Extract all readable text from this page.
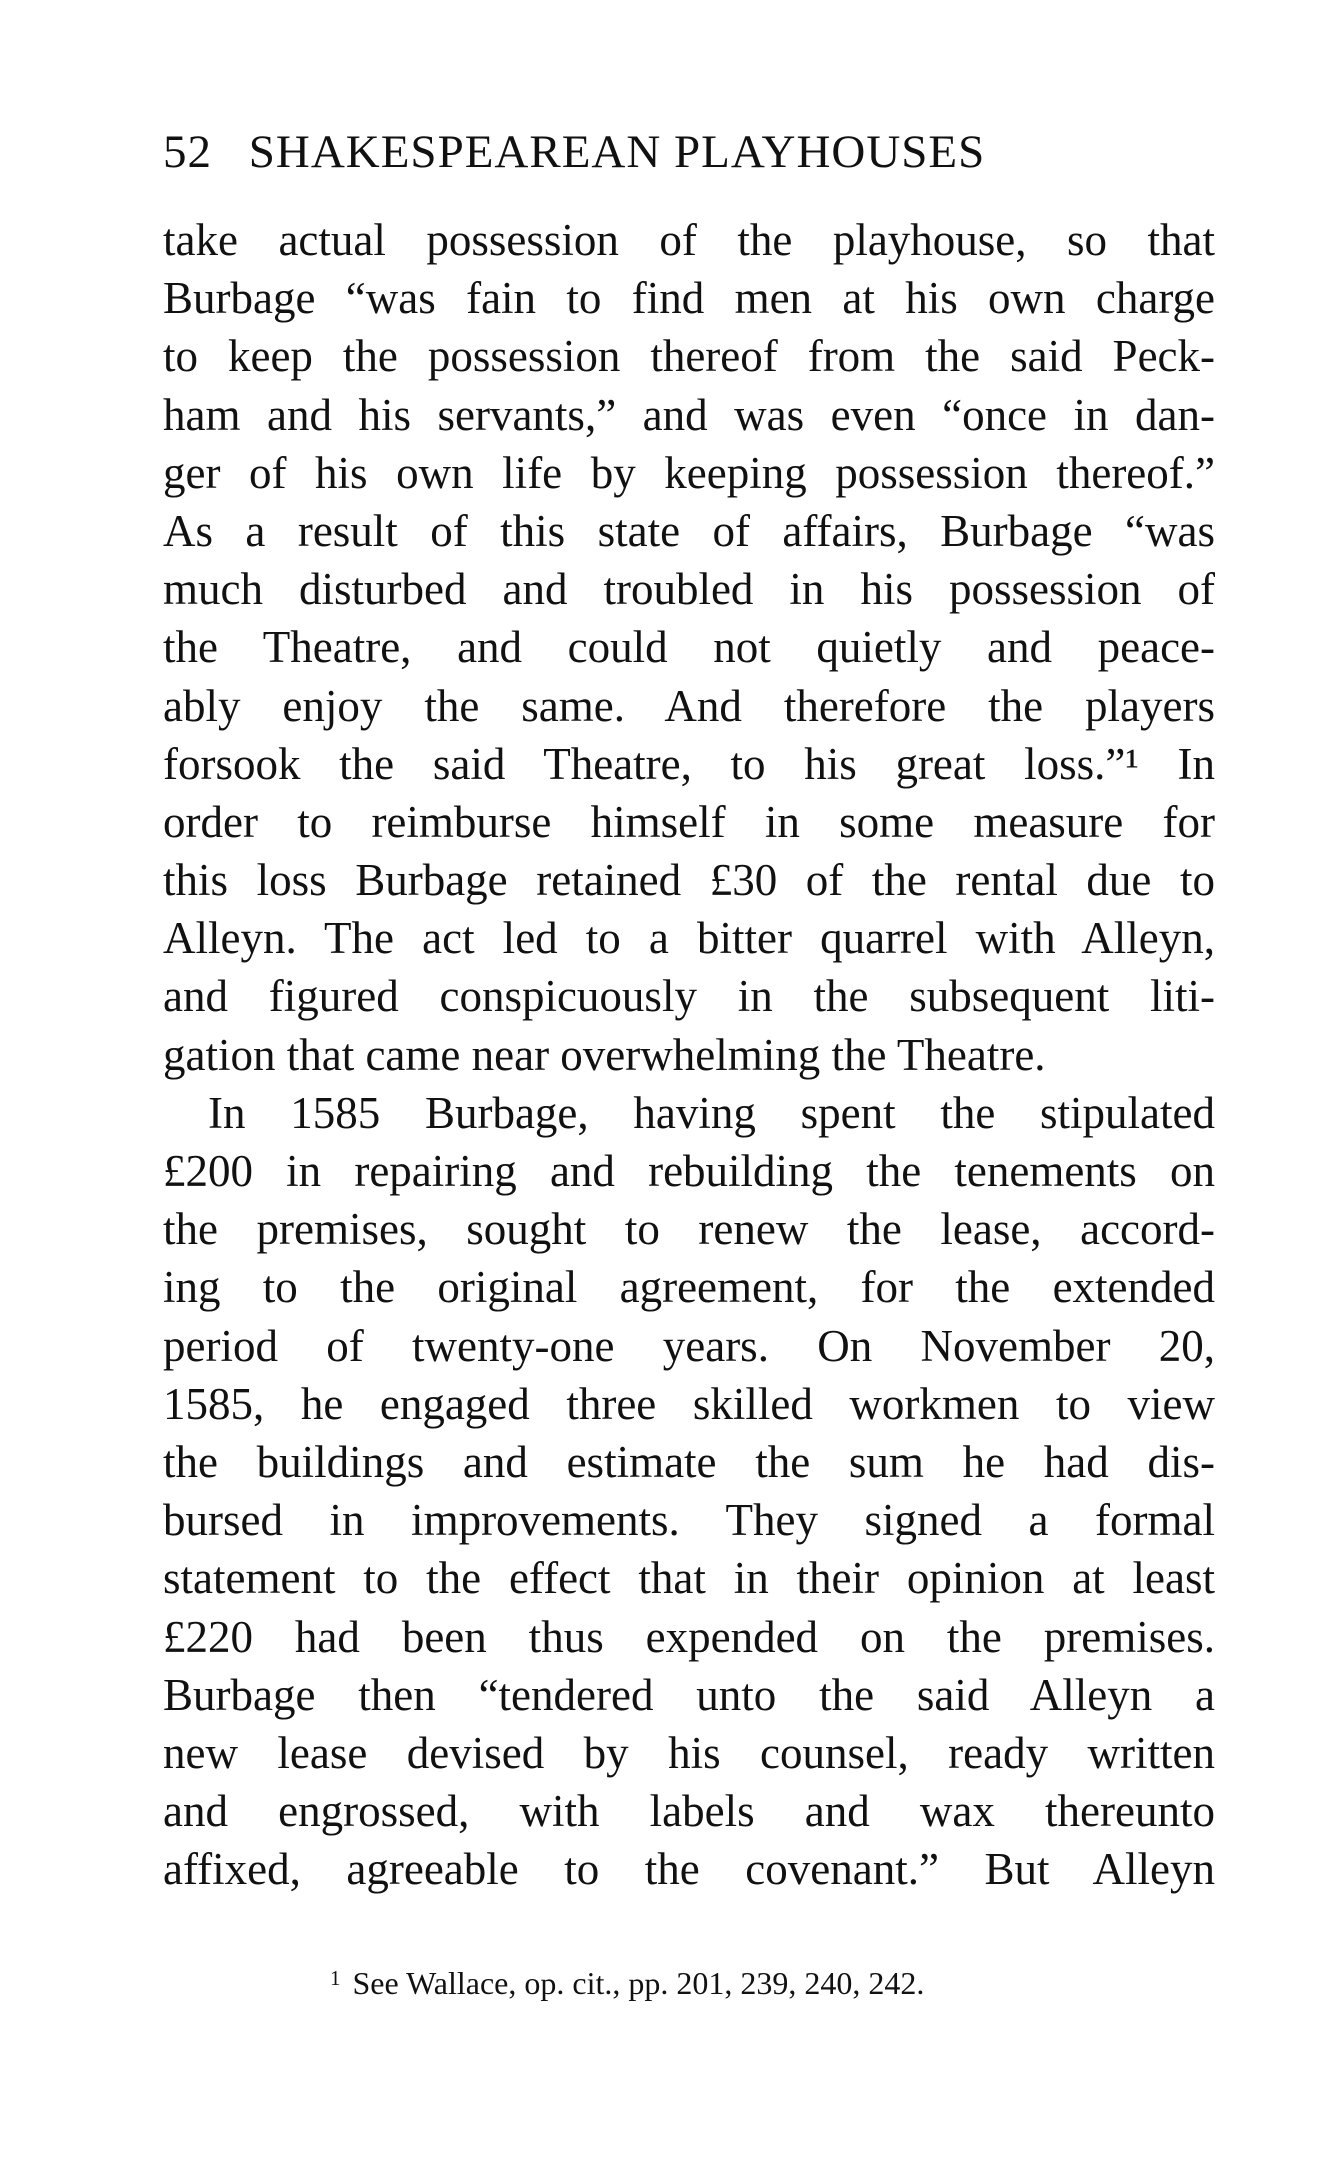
52 SHAKESPEAREAN PLAYHOUSES
take actual possession of the playhouse, so that
Burbage “was fain to find men at his own charge
to keep the possession thereof from the said Peck-
ham and his servants,” and was even “once in dan-
ger of his own life by keeping possession thereof.”
As a result of this state of affairs, Burbage “was
much disturbed and troubled in his possession of
the Theatre, and could not quietly and peace-
ably enjoy the same. And therefore the players
forsook the said Theatre, to his great loss.”¹ In
order to reimburse himself in some measure for
this loss Burbage retained £30 of the rental due to
Alleyn. The act led to a bitter quarrel with Alleyn,
and figured conspicuously in the subsequent liti-
gation that came near overwhelming the Theatre.
In 1585 Burbage, having spent the stipulated
£200 in repairing and rebuilding the tenements on
the premises, sought to renew the lease, accord-
ing to the original agreement, for the extended
period of twenty-one years. On November 20,
1585, he engaged three skilled workmen to view
the buildings and estimate the sum he had dis-
bursed in improvements. They signed a formal
statement to the effect that in their opinion at least
£220 had been thus expended on the premises.
Burbage then “tendered unto the said Alleyn a
new lease devised by his counsel, ready written
and engrossed, with labels and wax thereunto
affixed, agreeable to the covenant.” But Alleyn
$^1$ See Wallace, op. cit., pp. 201, 239, 240, 242.
